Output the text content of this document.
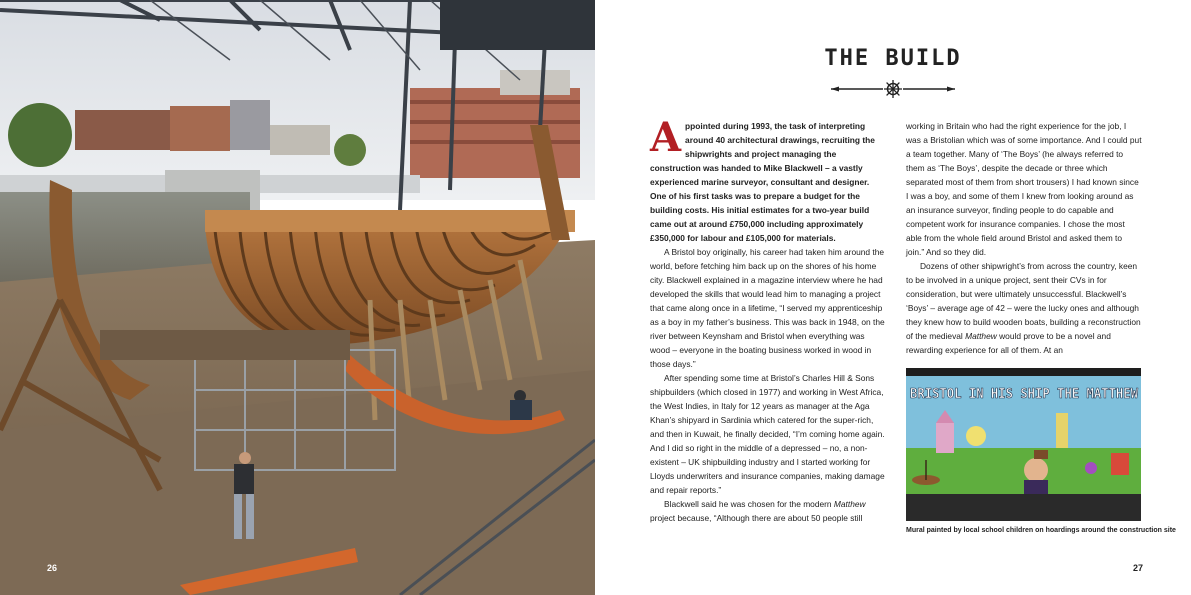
26
THE BUILD

Appointed during 1993, the task of interpreting around 40 architectural drawings, recruiting the shipwrights and project managing the construction was handed to Mike Blackwell – a vastly experienced marine surveyor, consultant and designer. One of his first tasks was to prepare a budget for the building costs. His initial estimates for a two-year build came out at around £750,000 including approximately £350,000 for labour and £105,000 for materials.

A Bristol boy originally, his career had taken him around the world, before fetching him back up on the shores of his home city. Blackwell explained in a magazine interview where he had developed the skills that would lead him to managing a project that came along once in a lifetime, “I served my apprenticeship as a boy in my father’s business. This was back in 1948, on the river between Keynsham and Bristol when everything was wood – everyone in the boating business worked in wood in those days.”

After spending some time at Bristol’s Charles Hill & Sons shipbuilders (which closed in 1977) and working in West Africa, the West Indies, in Italy for 12 years as manager at the Aga Khan’s shipyard in Sardinia which catered for the super-rich, and then in Kuwait, he finally decided, “I’m coming home again. And I did so right in the middle of a depressed – no, a non-existent – UK shipbuilding industry and I started working for Lloyds underwriters and insurance companies, making damage and repair reports.”

Blackwell said he was chosen for the modern Matthew project because, “Although there are about 50 people still

working in Britain who had the right experience for the job, I was a Bristolian which was of some importance. And I could put a team together. Many of ‘The Boys’ (he always referred to them as ‘The Boys’, despite the decade or three which separated most of them from short trousers) I had known since I was a boy, and some of them I knew from looking around as an insurance surveyor, finding people to do capable and competent work for insurance companies. I chose the most able from the whole field around Bristol and asked them to join.” And so they did.

Dozens of other shipwright’s from across the country, keen to be involved in a unique project, sent their CVs in for consideration, but were ultimately unsuccessful. Blackwell’s ‘Boys’ – average age of 42 – were the lucky ones and although they knew how to build wooden boats, building a reconstruction of the medieval Matthew would prove to be a novel and rewarding experience for all of them. At an

BRISTOL IN HIS SHIP THE MATTHEW
Mural painted by local school children on hoardings around the construction site
27
